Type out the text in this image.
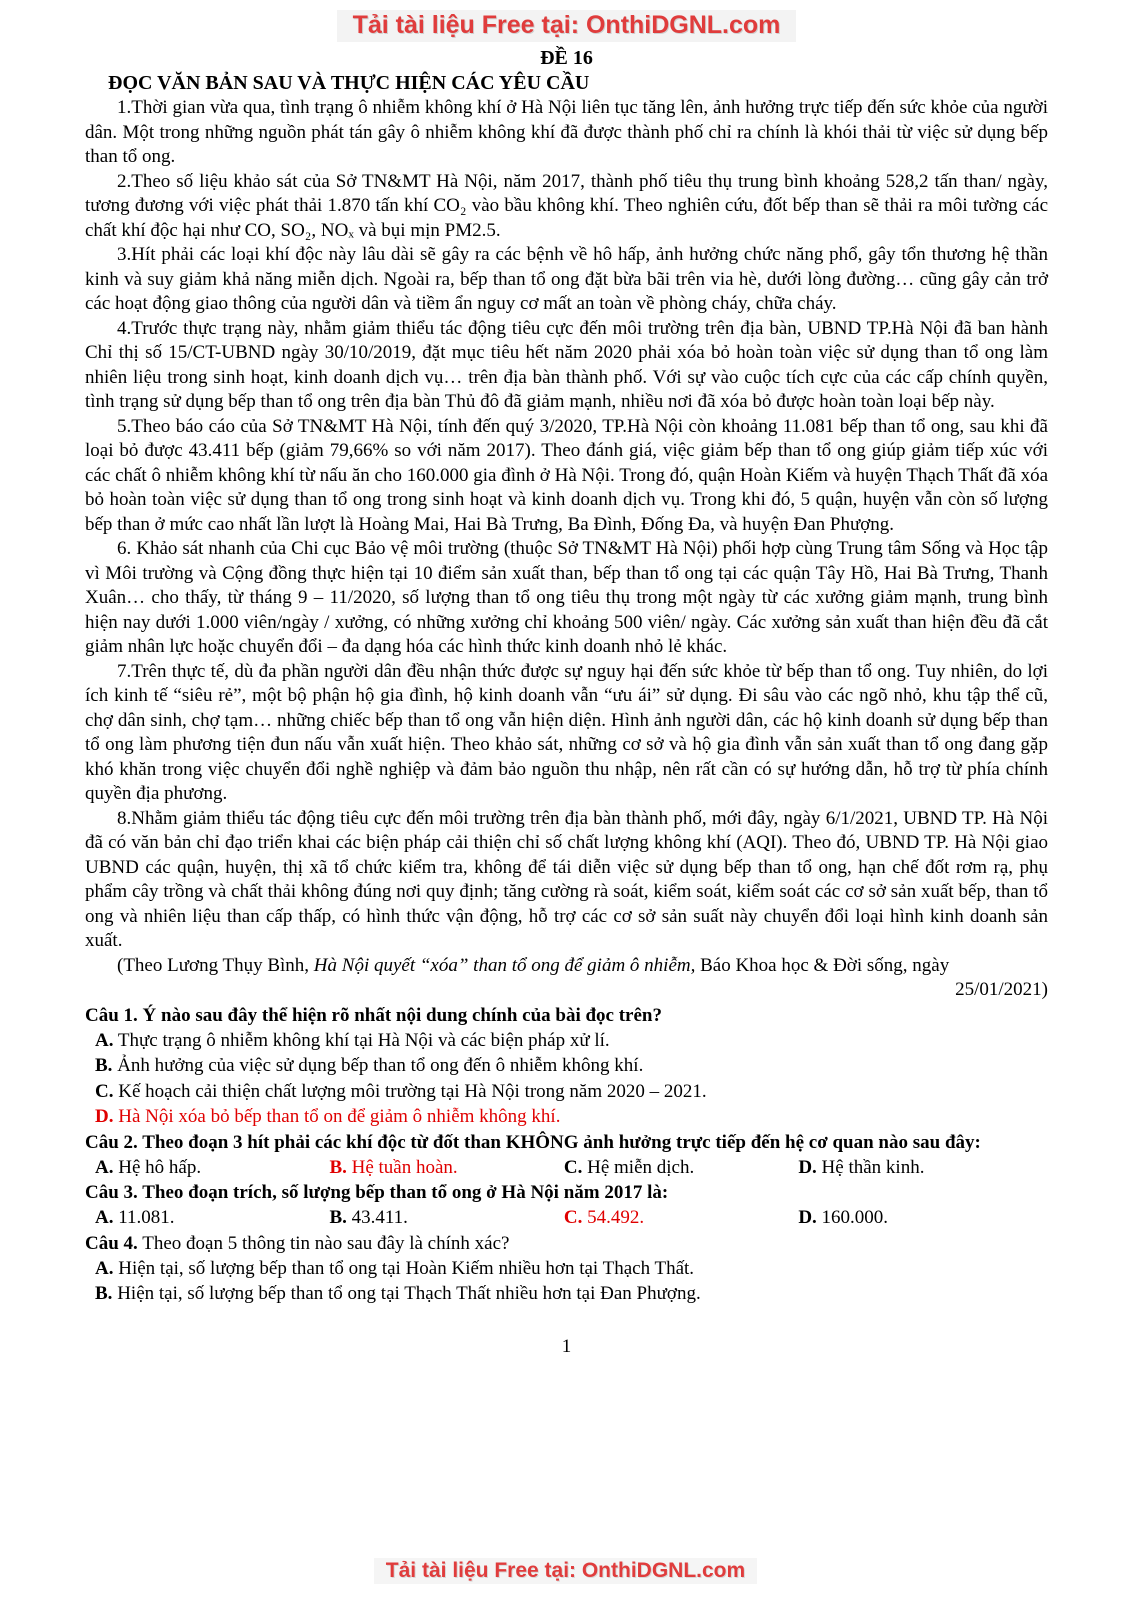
Tải tài liệu Free tại: OnthiDGNL.com
ĐỀ 16
ĐỌC VĂN BẢN SAU VÀ THỰC HIỆN CÁC YÊU CẦU

1.Thời gian vừa qua, tình trạng ô nhiễm không khí ở Hà Nội liên tục tăng lên, ảnh hưởng trực tiếp đến sức khỏe của người dân. Một trong những nguồn phát tán gây ô nhiễm không khí đã được thành phố chỉ ra chính là khói thải từ việc sử dụng bếp than tổ ong.

2.Theo số liệu khảo sát của Sở TN&MT Hà Nội, năm 2017, thành phố tiêu thụ trung bình khoảng 528,2 tấn than/ ngày, tương đương với việc phát thải 1.870 tấn khí CO₂ vào bầu không khí. Theo nghiên cứu, đốt bếp than sẽ thải ra môi tường các chất khí độc hại như CO, SO₂, NOₓ và bụi mịn PM2.5.

3.Hít phải các loại khí độc này lâu dài sẽ gây ra các bệnh về hô hấp, ảnh hưởng chức năng phổ, gây tổn thương hệ thần kinh và suy giảm khả năng miễn dịch. Ngoài ra, bếp than tổ ong đặt bừa bãi trên via hè, dưới lòng đường… cũng gây cản trở các hoạt động giao thông của người dân và tiềm ẩn nguy cơ mất an toàn về phòng cháy, chữa cháy.

4.Trước thực trạng này, nhằm giảm thiểu tác động tiêu cực đến môi trường trên địa bàn, UBND TP.Hà Nội đã ban hành Chỉ thị số 15/CT-UBND ngày 30/10/2019, đặt mục tiêu hết năm 2020 phải xóa bỏ hoàn toàn việc sử dụng than tổ ong làm nhiên liệu trong sinh hoạt, kinh doanh dịch vụ… trên địa bàn thành phố. Với sự vào cuộc tích cực của các cấp chính quyền, tình trạng sử dụng bếp than tổ ong trên địa bàn Thủ đô đã giảm mạnh, nhiều nơi đã xóa bỏ được hoàn toàn loại bếp này.

5.Theo báo cáo của Sở TN&MT Hà Nội, tính đến quý 3/2020, TP.Hà Nội còn khoảng 11.081 bếp than tổ ong, sau khi đã loại bỏ được 43.411 bếp (giảm 79,66% so với năm 2017). Theo đánh giá, việc giảm bếp than tổ ong giúp giảm tiếp xúc với các chất ô nhiễm không khí từ nấu ăn cho 160.000 gia đình ở Hà Nội. Trong đó, quận Hoàn Kiếm và huyện Thạch Thất đã xóa bỏ hoàn toàn việc sử dụng than tổ ong trong sinh hoạt và kinh doanh dịch vụ. Trong khi đó, 5 quận, huyện vẫn còn số lượng bếp than ở mức cao nhất lần lượt là Hoàng Mai, Hai Bà Trưng, Ba Đình, Đống Đa, và huyện Đan Phượng.

6. Khảo sát nhanh của Chi cục Bảo vệ môi trường (thuộc Sở TN&MT Hà Nội) phối hợp cùng Trung tâm Sống và Học tập vì Môi trường và Cộng đồng thực hiện tại 10 điểm sản xuất than, bếp than tổ ong tại các quận Tây Hồ, Hai Bà Trưng, Thanh Xuân… cho thấy, từ tháng 9 – 11/2020, số lượng than tổ ong tiêu thụ trong một ngày từ các xưởng giảm mạnh, trung bình hiện nay dưới 1.000 viên/ngày / xưởng, có những xưởng chỉ khoảng 500 viên/ ngày. Các xưởng sản xuất than hiện đều đã cắt giảm nhân lực hoặc chuyển đổi – đa dạng hóa các hình thức kinh doanh nhỏ lẻ khác.

7.Trên thực tế, dù đa phần người dân đều nhận thức được sự nguy hại đến sức khỏe từ bếp than tổ ong. Tuy nhiên, do lợi ích kinh tế “siêu rẻ”, một bộ phận hộ gia đình, hộ kinh doanh vẫn “ưu ái” sử dụng. Đi sâu vào các ngõ nhỏ, khu tập thể cũ, chợ dân sinh, chợ tạm… những chiếc bếp than tổ ong vẫn hiện diện. Hình ảnh người dân, các hộ kinh doanh sử dụng bếp than tổ ong làm phương tiện đun nấu vẫn xuất hiện. Theo khảo sát, những cơ sở và hộ gia đình vẫn sản xuất than tổ ong đang gặp khó khăn trong việc chuyển đổi nghề nghiệp và đảm bảo nguồn thu nhập, nên rất cần có sự hướng dẫn, hỗ trợ từ phía chính quyền địa phương.

8.Nhằm giảm thiểu tác động tiêu cực đến môi trường trên địa bàn thành phố, mới đây, ngày 6/1/2021, UBND TP. Hà Nội đã có văn bản chỉ đạo triển khai các biện pháp cải thiện chỉ số chất lượng không khí (AQI). Theo đó, UBND TP. Hà Nội giao UBND các quận, huyện, thị xã tổ chức kiểm tra, không để tái diễn việc sử dụng bếp than tổ ong, hạn chế đốt rơm rạ, phụ phẩm cây trồng và chất thải không đúng nơi quy định; tăng cường rà soát, kiểm soát, kiểm soát các cơ sở sản xuất bếp, than tổ ong và nhiên liệu than cấp thấp, có hình thức vận động, hỗ trợ các cơ sở sản suất này chuyển đổi loại hình kinh doanh sản xuất.

(Theo Lương Thụy Bình, Hà Nội quyết “xóa” than tổ ong để giảm ô nhiễm, Báo Khoa học & Đời sống, ngày

25/01/2021)

Câu 1. Ý nào sau đây thể hiện rõ nhất nội dung chính của bài đọc trên?

A. Thực trạng ô nhiễm không khí tại Hà Nội và các biện pháp xử lí.
B. Ảnh hưởng của việc sử dụng bếp than tổ ong đến ô nhiễm không khí.
C. Kế hoạch cải thiện chất lượng môi trường tại Hà Nội trong năm 2020 – 2021.
D. Hà Nội xóa bỏ bếp than tổ on để giảm ô nhiễm không khí.

Câu 2. Theo đoạn 3 hít phải các khí độc từ đốt than KHÔNG ảnh hưởng trực tiếp đến hệ cơ quan nào sau đây:

A. Hệ hô hấp.	B. Hệ tuần hoàn.	C. Hệ miễn dịch.	D. Hệ thần kinh.

Câu 3. Theo đoạn trích, số lượng bếp than tổ ong ở Hà Nội năm 2017 là:

A. 11.081.	B. 43.411.	C. 54.492.	D. 160.000.

Câu 4. Theo đoạn 5 thông tin nào sau đây là chính xác?

A. Hiện tại, số lượng bếp than tổ ong tại Hoàn Kiếm nhiều hơn tại Thạch Thất.
B. Hiện tại, số lượng bếp than tổ ong tại Thạch Thất nhiều hơn tại Đan Phượng.
1
Tải tài liệu Free tại: OnthiDGNL.com
